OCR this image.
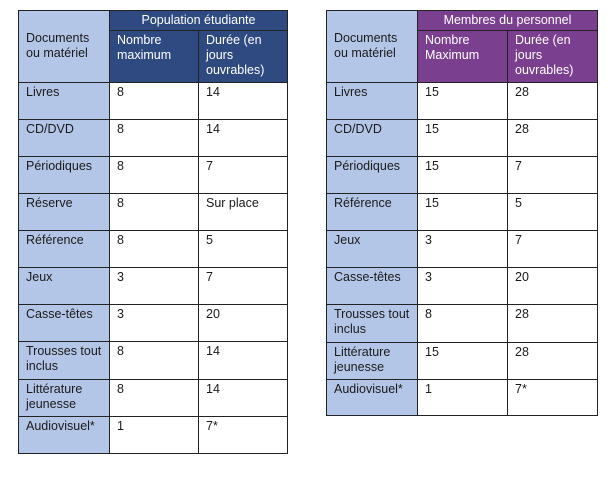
Documents ou matériel	Population étudiante	
	Nombre maximum	Durée (en jours ouvrables)
Livres	8	14
CD/DVD	8	14
Périodiques	8	7
Réserve	8	Sur place
Référence	8	5
Jeux	3	7
Casse-têtes	3	20
Trousses tout inclus	8	14
Littérature jeunesse	8	14
Audiovisuel*	1	7*
Documents ou matériel	Membres du personnel	
	Nombre Maximum	Durée (en jours ouvrables)
Livres	15	28
CD/DVD	15	28
Périodiques	15	7
Référence	15	5
Jeux	3	7
Casse-têtes	3	20
Trousses tout inclus	8	28
Littérature jeunesse	15	28
Audiovisuel*	1	7*
